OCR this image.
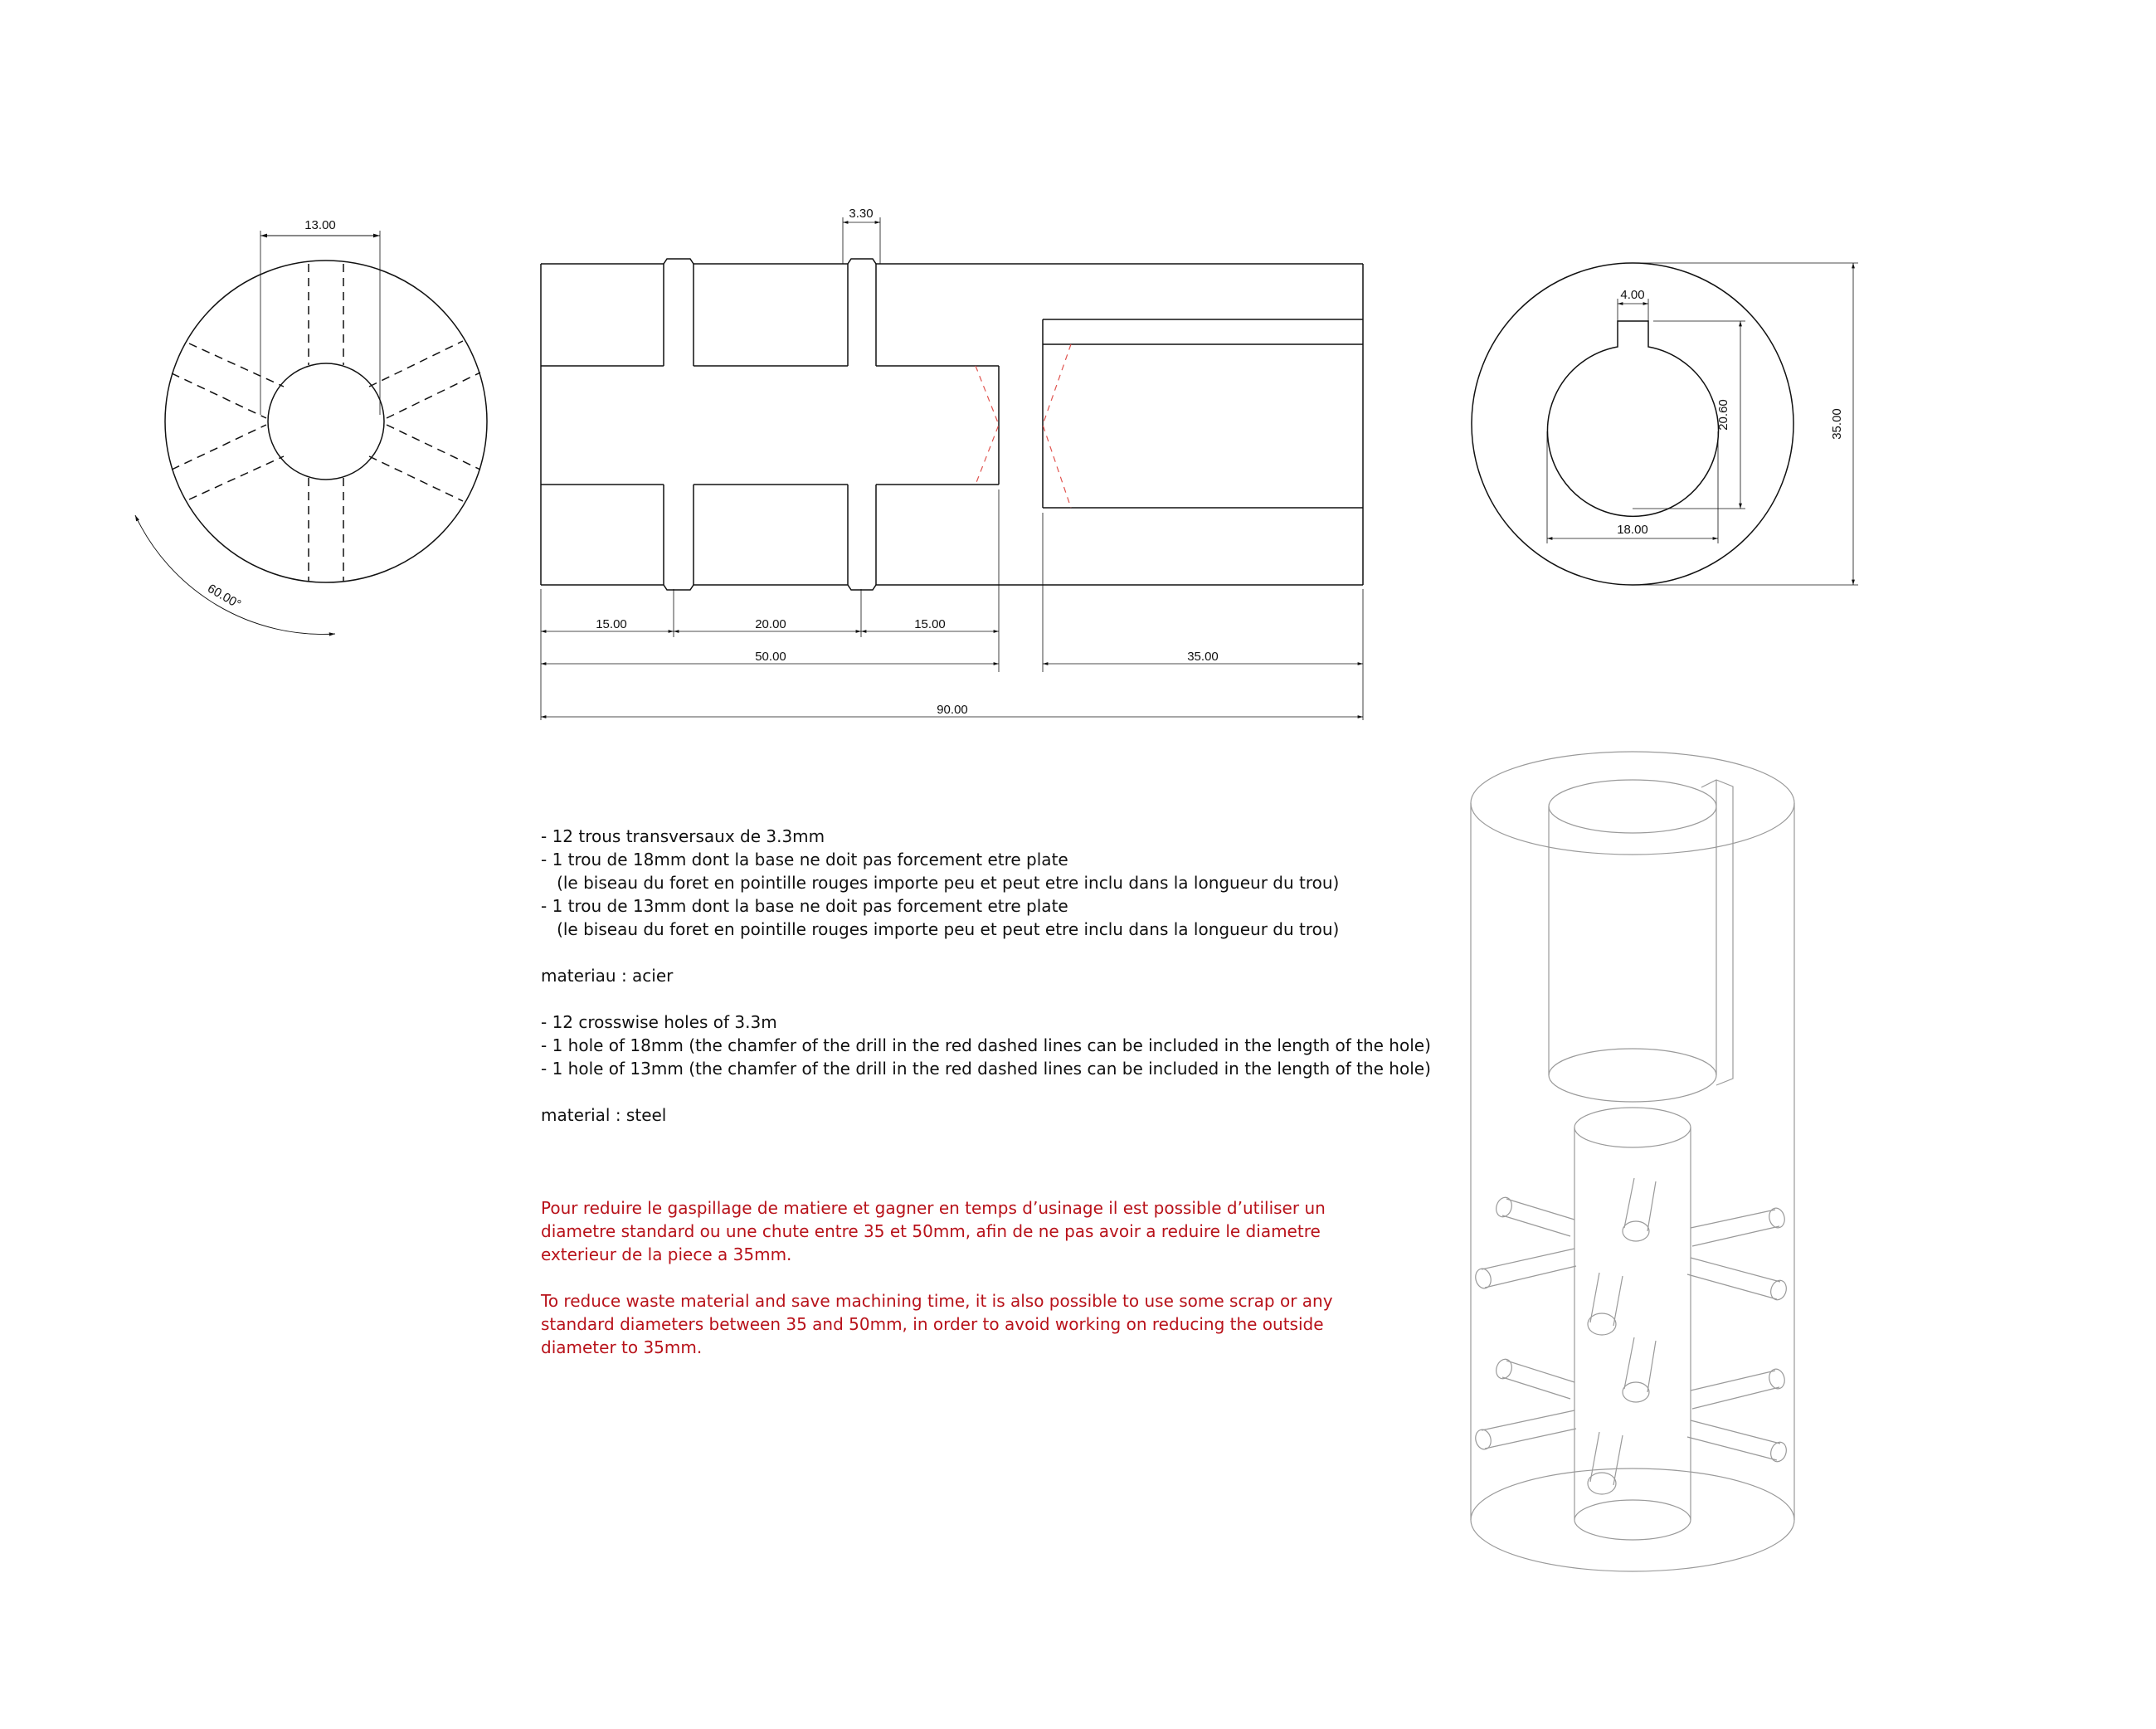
13.00
60.00°
3.30
15.00	20.00	15.00
50.00	35.00
90.00
4.00
20.60
18.00
35.00
- 12 trous transversaux de 3.3mm
- 1 trou de 18mm dont la base ne doit pas forcement etre plate
(le biseau du foret en pointille rouges importe peu et peut etre inclu dans la longueur du trou)
- 1 trou de 13mm dont la base ne doit pas forcement etre plate
(le biseau du foret en pointille rouges importe peu et peut etre inclu dans la longueur du trou)
materiau : acier
- 12 crosswise holes of 3.3m
- 1 hole of 18mm (the chamfer of the drill in the red dashed lines can be included in the length of the hole)
- 1 hole of 13mm (the chamfer of the drill in the red dashed lines can be included in the length of the hole)
material : steel
Pour reduire le gaspillage de matiere et gagner en temps d’usinage il est possible d’utiliser un diametre standard ou une chute entre 35 et 50mm, afin de ne pas avoir a reduire le diametre exterieur de la piece a 35mm.
To reduce waste material and save machining time, it is also possible to use some scrap or any standard diameters between 35 and 50mm, in order to avoid working on reducing the outside diameter to 35mm.
